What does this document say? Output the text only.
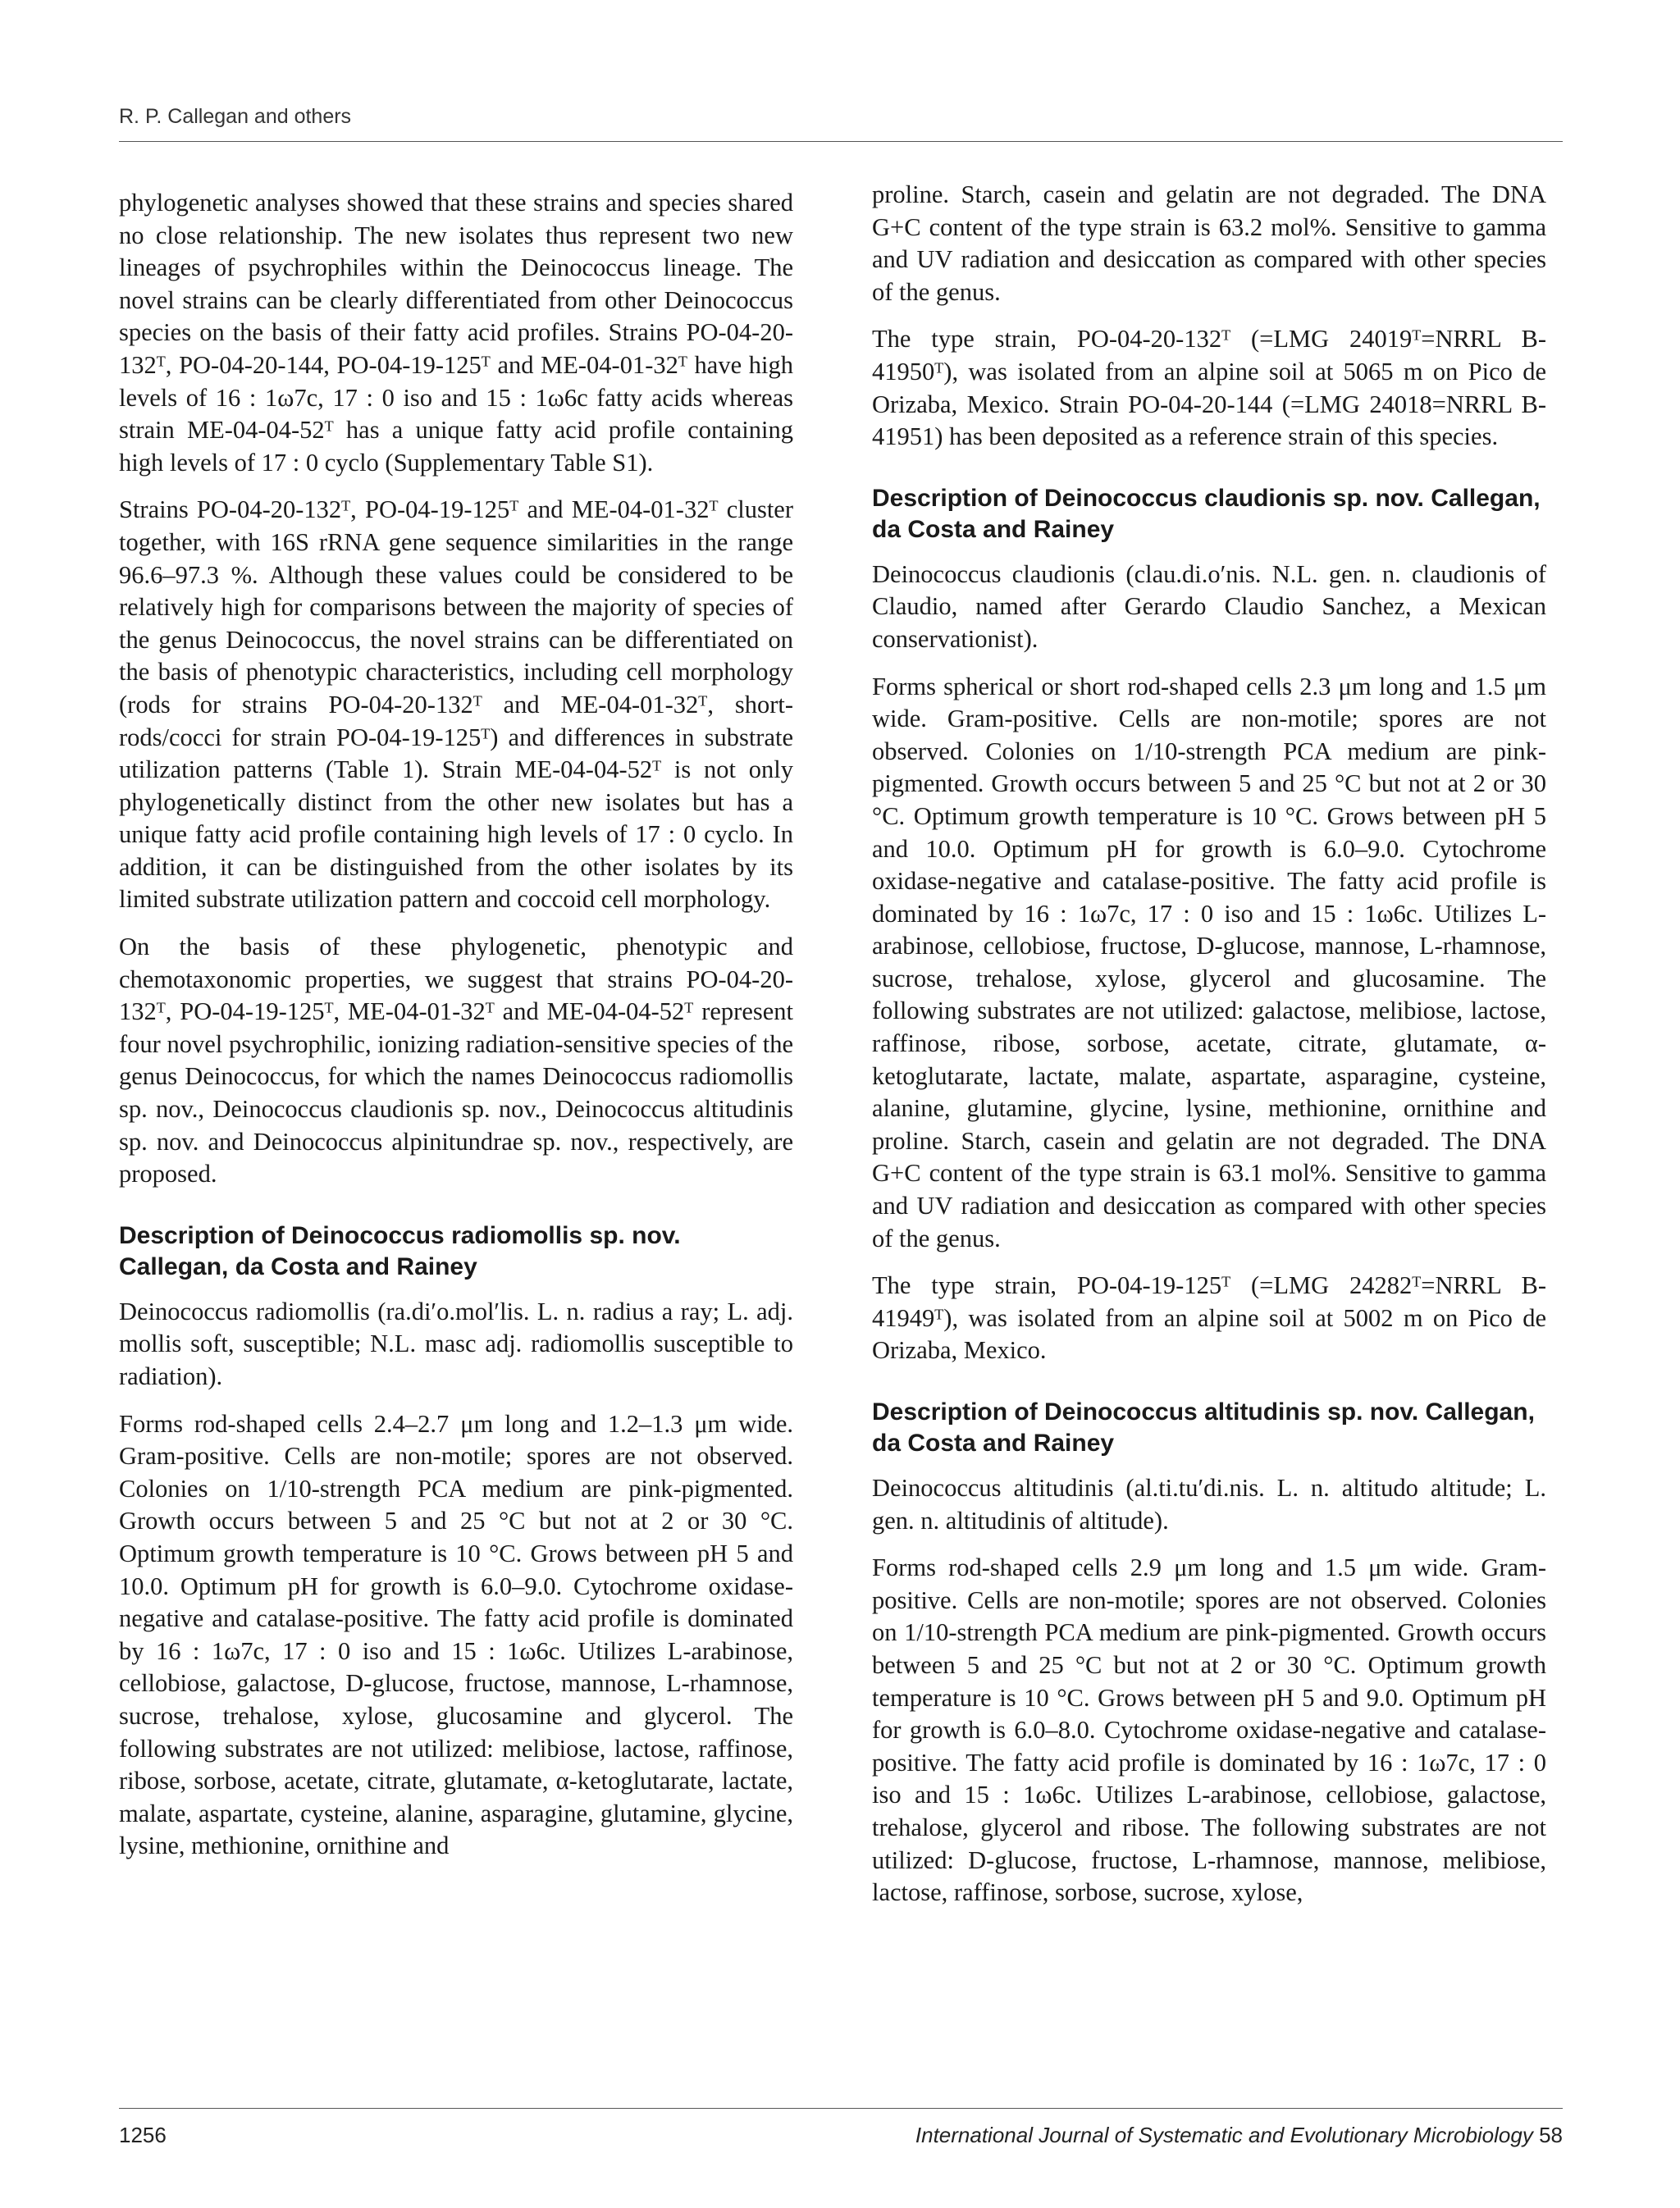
R. P. Callegan and others

phylogenetic analyses showed that these strains and species shared no close relationship. The new isolates thus represent two new lineages of psychrophiles within the Deinococcus lineage. The novel strains can be clearly differentiated from other Deinococcus species on the basis of their fatty acid profiles. Strains PO-04-20-132ᵀ, PO-04-20-144, PO-04-19-125ᵀ and ME-04-01-32ᵀ have high levels of 16 : 1ω7c, 17 : 0 iso and 15 : 1ω6c fatty acids whereas strain ME-04-04-52ᵀ has a unique fatty acid profile containing high levels of 17 : 0 cyclo (Supplementary Table S1).

Strains PO-04-20-132ᵀ, PO-04-19-125ᵀ and ME-04-01-32ᵀ cluster together, with 16S rRNA gene sequence similarities in the range 96.6–97.3 %. Although these values could be considered to be relatively high for comparisons between the majority of species of the genus Deinococcus, the novel strains can be differentiated on the basis of phenotypic characteristics, including cell morphology (rods for strains PO-04-20-132ᵀ and ME-04-01-32ᵀ, short-rods/cocci for strain PO-04-19-125ᵀ) and differences in substrate utilization patterns (Table 1). Strain ME-04-04-52ᵀ is not only phylogenetically distinct from the other new isolates but has a unique fatty acid profile containing high levels of 17 : 0 cyclo. In addition, it can be distinguished from the other isolates by its limited substrate utilization pattern and coccoid cell morphology.

On the basis of these phylogenetic, phenotypic and chemotaxonomic properties, we suggest that strains PO-04-20-132ᵀ, PO-04-19-125ᵀ, ME-04-01-32ᵀ and ME-04-04-52ᵀ represent four novel psychrophilic, ionizing radiation-sensitive species of the genus Deinococcus, for which the names Deinococcus radiomollis sp. nov., Deinococcus claudionis sp. nov., Deinococcus altitudinis sp. nov. and Deinococcus alpinitundrae sp. nov., respectively, are proposed.

Description of Deinococcus radiomollis sp. nov. Callegan, da Costa and Rainey

Deinococcus radiomollis (ra.di′o.mol′lis. L. n. radius a ray; L. adj. mollis soft, susceptible; N.L. masc adj. radiomollis susceptible to radiation).

Forms rod-shaped cells 2.4–2.7 μm long and 1.2–1.3 μm wide. Gram-positive. Cells are non-motile; spores are not observed. Colonies on 1/10-strength PCA medium are pink-pigmented. Growth occurs between 5 and 25 °C but not at 2 or 30 °C. Optimum growth temperature is 10 °C. Grows between pH 5 and 10.0. Optimum pH for growth is 6.0–9.0. Cytochrome oxidase-negative and catalase-positive. The fatty acid profile is dominated by 16 : 1ω7c, 17 : 0 iso and 15 : 1ω6c. Utilizes L-arabinose, cellobiose, galactose, D-glucose, fructose, mannose, L-rhamnose, sucrose, trehalose, xylose, glucosamine and glycerol. The following substrates are not utilized: melibiose, lactose, raffinose, ribose, sorbose, acetate, citrate, glutamate, α-ketoglutarate, lactate, malate, aspartate, cysteine, alanine, asparagine, glutamine, glycine, lysine, methionine, ornithine and

proline. Starch, casein and gelatin are not degraded. The DNA G+C content of the type strain is 63.2 mol%. Sensitive to gamma and UV radiation and desiccation as compared with other species of the genus.

The type strain, PO-04-20-132ᵀ (=LMG 24019ᵀ=NRRL B-41950ᵀ), was isolated from an alpine soil at 5065 m on Pico de Orizaba, Mexico. Strain PO-04-20-144 (=LMG 24018=NRRL B-41951) has been deposited as a reference strain of this species.

Description of Deinococcus claudionis sp. nov. Callegan, da Costa and Rainey

Deinococcus claudionis (clau.di.o′nis. N.L. gen. n. claudionis of Claudio, named after Gerardo Claudio Sanchez, a Mexican conservationist).

Forms spherical or short rod-shaped cells 2.3 μm long and 1.5 μm wide. Gram-positive. Cells are non-motile; spores are not observed. Colonies on 1/10-strength PCA medium are pink-pigmented. Growth occurs between 5 and 25 °C but not at 2 or 30 °C. Optimum growth temperature is 10 °C. Grows between pH 5 and 10.0. Optimum pH for growth is 6.0–9.0. Cytochrome oxidase-negative and catalase-positive. The fatty acid profile is dominated by 16 : 1ω7c, 17 : 0 iso and 15 : 1ω6c. Utilizes L-arabinose, cellobiose, fructose, D-glucose, mannose, L-rhamnose, sucrose, trehalose, xylose, glycerol and glucosamine. The following substrates are not utilized: galactose, melibiose, lactose, raffinose, ribose, sorbose, acetate, citrate, glutamate, α-ketoglutarate, lactate, malate, aspartate, asparagine, cysteine, alanine, glutamine, glycine, lysine, methionine, ornithine and proline. Starch, casein and gelatin are not degraded. The DNA G+C content of the type strain is 63.1 mol%. Sensitive to gamma and UV radiation and desiccation as compared with other species of the genus.

The type strain, PO-04-19-125ᵀ (=LMG 24282ᵀ=NRRL B-41949ᵀ), was isolated from an alpine soil at 5002 m on Pico de Orizaba, Mexico.

Description of Deinococcus altitudinis sp. nov. Callegan, da Costa and Rainey

Deinococcus altitudinis (al.ti.tu′di.nis. L. n. altitudo altitude; L. gen. n. altitudinis of altitude).

Forms rod-shaped cells 2.9 μm long and 1.5 μm wide. Gram-positive. Cells are non-motile; spores are not observed. Colonies on 1/10-strength PCA medium are pink-pigmented. Growth occurs between 5 and 25 °C but not at 2 or 30 °C. Optimum growth temperature is 10 °C. Grows between pH 5 and 9.0. Optimum pH for growth is 6.0–8.0. Cytochrome oxidase-negative and catalase-positive. The fatty acid profile is dominated by 16 : 1ω7c, 17 : 0 iso and 15 : 1ω6c. Utilizes L-arabinose, cellobiose, galactose, trehalose, glycerol and ribose. The following substrates are not utilized: D-glucose, fructose, L-rhamnose, mannose, melibiose, lactose, raffinose, sorbose, sucrose, xylose,

1256	International Journal of Systematic and Evolutionary Microbiology 58
